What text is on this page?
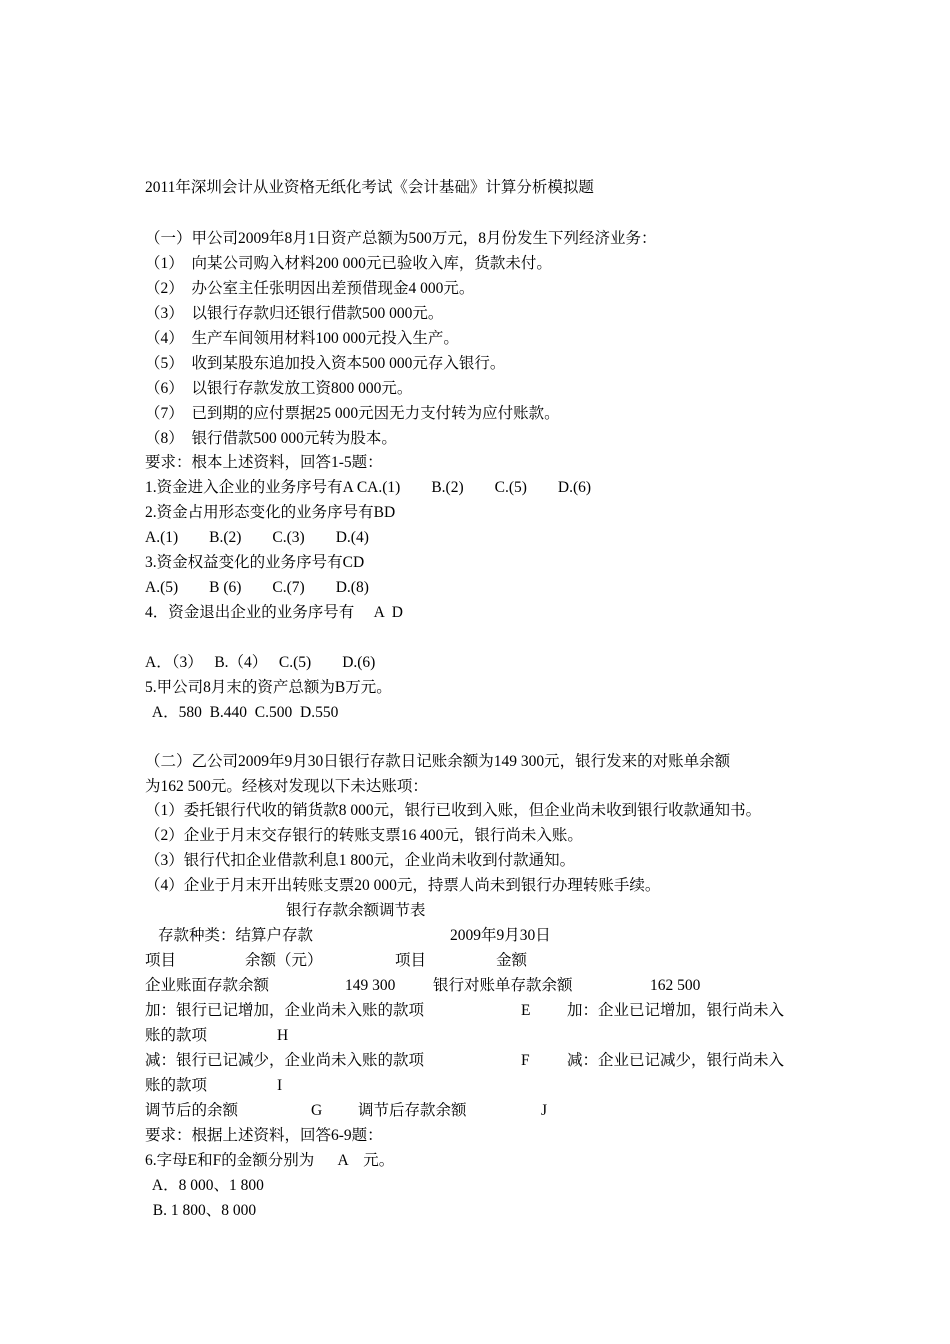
2011年深圳会计从业资格无纸化考试《会计基础》计算分析模拟题
（一）甲公司2009年8月1日资产总额为500万元，8月份发生下列经济业务：
（1）　向某公司购入材料200 000元已验收入库，货款未付。
（2）　办公室主任张明因出差预借现金4 000元。
（3）　以银行存款归还银行借款500 000元。
（4）　生产车间领用材料100 000元投入生产。
（5）　收到某股东追加投入资本500 000元存入银行。
（6）　以银行存款发放工资800 000元。
（7）　已到期的应付票据25 000元因无力支付转为应付账款。
（8）　银行借款500 000元转为股本。
要求：根本上述资料，回答1-5题：
1.资金进入企业的业务序号有A CA.(1)　　B.(2)　　C.(5)　　D.(6)
2.资金占用形态变化的业务序号有BD
A.(1)　　B.(2)　　C.(3)　　D.(4)
3.资金权益变化的业务序号有CD
A.(5)　　B (6)　　C.(7)　　D.(8)
4．资金退出企业的业务序号有　 A  D
A．（3）　 B.（4）　 C.(5)　　D.(6)
5.甲公司8月末的资产总额为B万元。
A．580  B.440  C.500  D.550
（二）乙公司2009年9月30日银行存款日记账余额为149 300元，银行发来的对账单余额
为162 500元。经核对发现以下未达账项：
（1）委托银行代收的销货款8 000元，银行已收到入账，但企业尚未收到银行收款通知书。
（2）企业于月末交存银行的转账支票16 400元，银行尚未入账。
（3）银行代扣企业借款利息1 800元，企业尚未收到付款通知。
（4）企业于月末开出转账支票20 000元，持票人尚未到银行办理转账手续。
银行存款余额调节表
存款种类：结算户存款	2009年9月30日
项目	余额（元）	项目	金额
企业账面存款余额	149 300 银行对账单存款余额	162 500
加：银行已记增加，企业尚未入账的款项	E 加：企业已记增加，银行尚未入
账的款项	H
减：银行已记减少，企业尚未入账的款项	F 减：企业已记减少，银行尚未入
账的款项	I
调节后的余额	G 调节后存款余额	J
要求：根据上述资料，回答6-9题：
6.字母E和F的金额分别为　  A　元。
A．8 000、1 800
B. 1 800、8 000
